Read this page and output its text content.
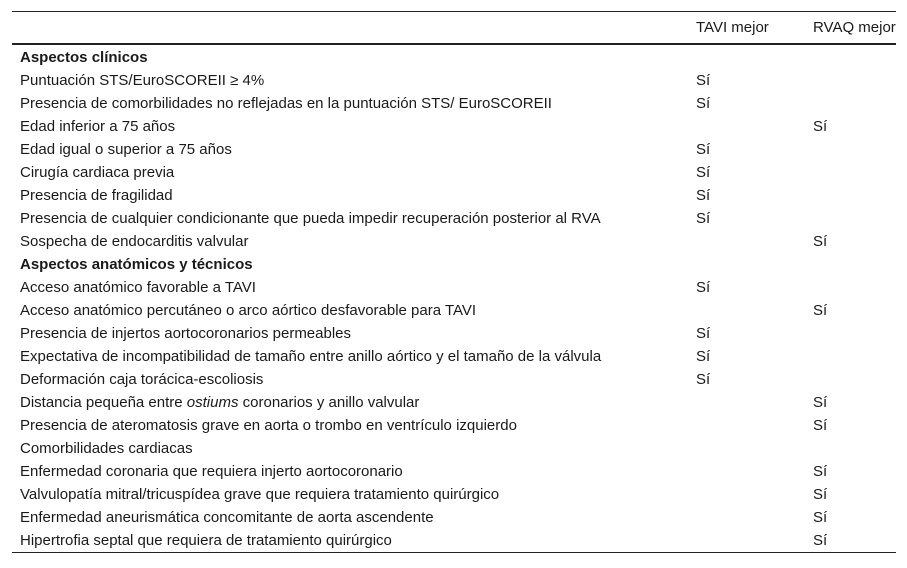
	TAVI mejor	RVAQ mejor
Aspectos clínicos		
Puntuación STS/EuroSCOREII ≥ 4%	Sí	
Presencia de comorbilidades no reflejadas en la puntuación STS/ EuroSCOREII	Sí	
Edad inferior a 75 años		Sí
Edad igual o superior a 75 años	Sí	
Cirugía cardiaca previa	Sí	
Presencia de fragilidad	Sí	
Presencia de cualquier condicionante que pueda impedir recuperación posterior al RVA	Sí	
Sospecha de endocarditis valvular		Sí
Aspectos anatómicos y técnicos		
Acceso anatómico favorable a TAVI	Sí	
Acceso anatómico percutáneo o arco aórtico desfavorable para TAVI		Sí
Presencia de injertos aortocoronarios permeables	Sí	
Expectativa de incompatibilidad de tamaño entre anillo aórtico y el tamaño de la válvula	Sí	
Deformación caja torácica-escoliosis	Sí	
Distancia pequeña entre ostiums coronarios y anillo valvular		Sí
Presencia de ateromatosis grave en aorta o trombo en ventrículo izquierdo		Sí
Comorbilidades cardiacas		
Enfermedad coronaria que requiera injerto aortocoronario		Sí
Valvulopatía mitral/tricuspídea grave que requiera tratamiento quirúrgico		Sí
Enfermedad aneurismática concomitante de aorta ascendente		Sí
Hipertrofia septal que requiera de tratamiento quirúrgico		Sí
